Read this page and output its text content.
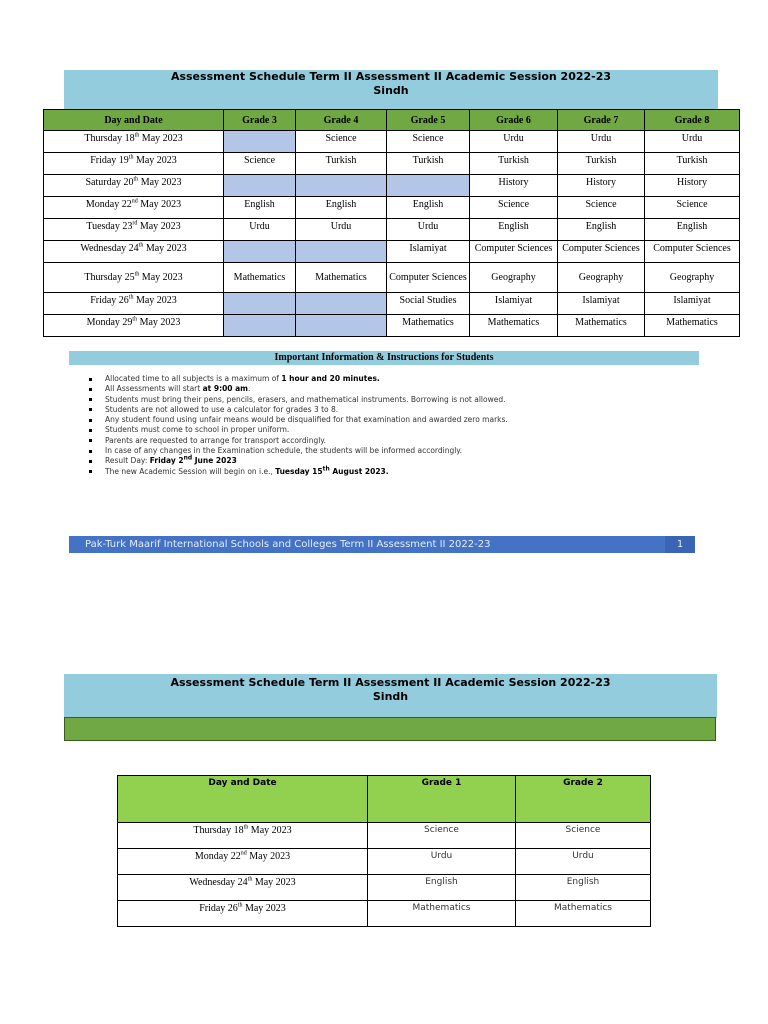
Assessment Schedule Term II Assessment II Academic Session 2022-23
Sindh
Day and Date	Grade 3	Grade 4	Grade 5	Grade 6	Grade 7	Grade 8
Thursday 18th May 2023		Science	Science	Urdu	Urdu	Urdu
Friday 19th May 2023	Science	Turkish	Turkish	Turkish	Turkish	Turkish
Saturday 20th May 2023				History	History	History
Monday 22nd May 2023	English	English	English	Science	Science	Science
Tuesday 23rd May 2023	Urdu	Urdu	Urdu	English	English	English
Wednesday 24th May 2023			Islamiyat	Computer Sciences	Computer Sciences	Computer Sciences
Thursday 25th May 2023	Mathematics	Mathematics	Computer Sciences	Geography	Geography	Geography
Friday 26th May 2023			Social Studies	Islamiyat	Islamiyat	Islamiyat
Monday 29th May 2023			Mathematics	Mathematics	Mathematics	Mathematics
Important Information & Instructions for Students
Allocated time to all subjects is a maximum of 1 hour and 20 minutes.
All Assessments will start at 9:00 am.
Students must bring their pens, pencils, erasers, and mathematical instruments. Borrowing is not allowed.
Students are not allowed to use a calculator for grades 3 to 8.
Any student found using unfair means would be disqualified for that examination and awarded zero marks.
Students must come to school in proper uniform.
Parents are requested to arrange for transport accordingly.
In case of any changes in the Examination schedule, the students will be informed accordingly.
Result Day: Friday 2nd June 2023
The new Academic Session will begin on i.e., Tuesday 15th August 2023.
Pak-Turk Maarif International Schools and Colleges Term II Assessment II 2022-23	1
Assessment Schedule Term II Assessment II Academic Session 2022-23
Sindh
Day and Date	Grade 1	Grade 2
Thursday 18th May 2023	Science	Science
Monday 22nd May 2023	Urdu	Urdu
Wednesday 24th May 2023	English	English
Friday 26th May 2023	Mathematics	Mathematics
